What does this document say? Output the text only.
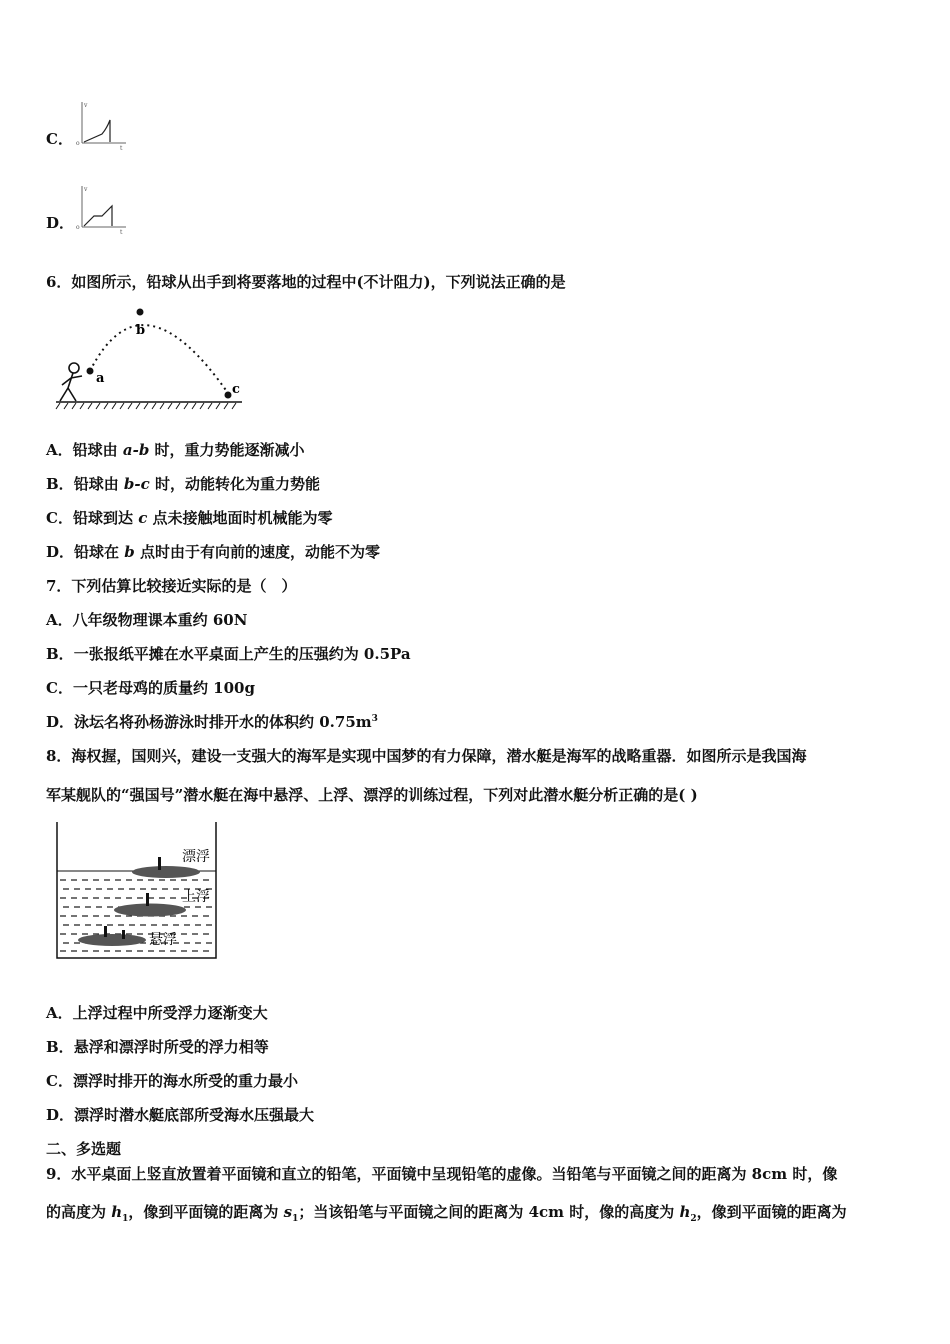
C．
v
o
t
D．
v
o
t
6．如图所示，铅球从出手到将要落地的过程中(不计阻力)，下列说法正确的是
a
b
c
A．铅球由 a-b 时，重力势能逐渐减小
B．铅球由 b-c 时，动能转化为重力势能
C．铅球到达 c 点未接触地面时机械能为零
D．铅球在 b 点时由于有向前的速度，动能不为零
7．下列估算比较接近实际的是（　）
A．八年级物理课本重约 60N
B．一张报纸平摊在水平桌面上产生的压强约为 0.5Pa
C．一只老母鸡的质量约 100g
D．泳坛名将孙杨游泳时排开水的体积约 $0.75m^3$
8．海权握，国则兴，建设一支强大的海军是实现中国梦的有力保障，潜水艇是海军的战略重器．如图所示是我国海
军某舰队的“强国号”潜水艇在海中悬浮、上浮、漂浮的训练过程，下列对此潜水艇分析正确的是( )
漂浮
上浮
悬浮
A．上浮过程中所受浮力逐渐变大
B．悬浮和漂浮时所受的浮力相等
C．漂浮时排开的海水所受的重力最小
D．漂浮时潜水艇底部所受海水压强最大
二、多选题
9．水平桌面上竖直放置着平面镜和直立的铅笔，平面镜中呈现铅笔的虚像。当铅笔与平面镜之间的距离为 8cm 时，像
的高度为 $h_1$，像到平面镜的距离为 $s_1$；当该铅笔与平面镜之间的距离为 4cm 时，像的高度为 $h_2$，像到平面镜的距离为
